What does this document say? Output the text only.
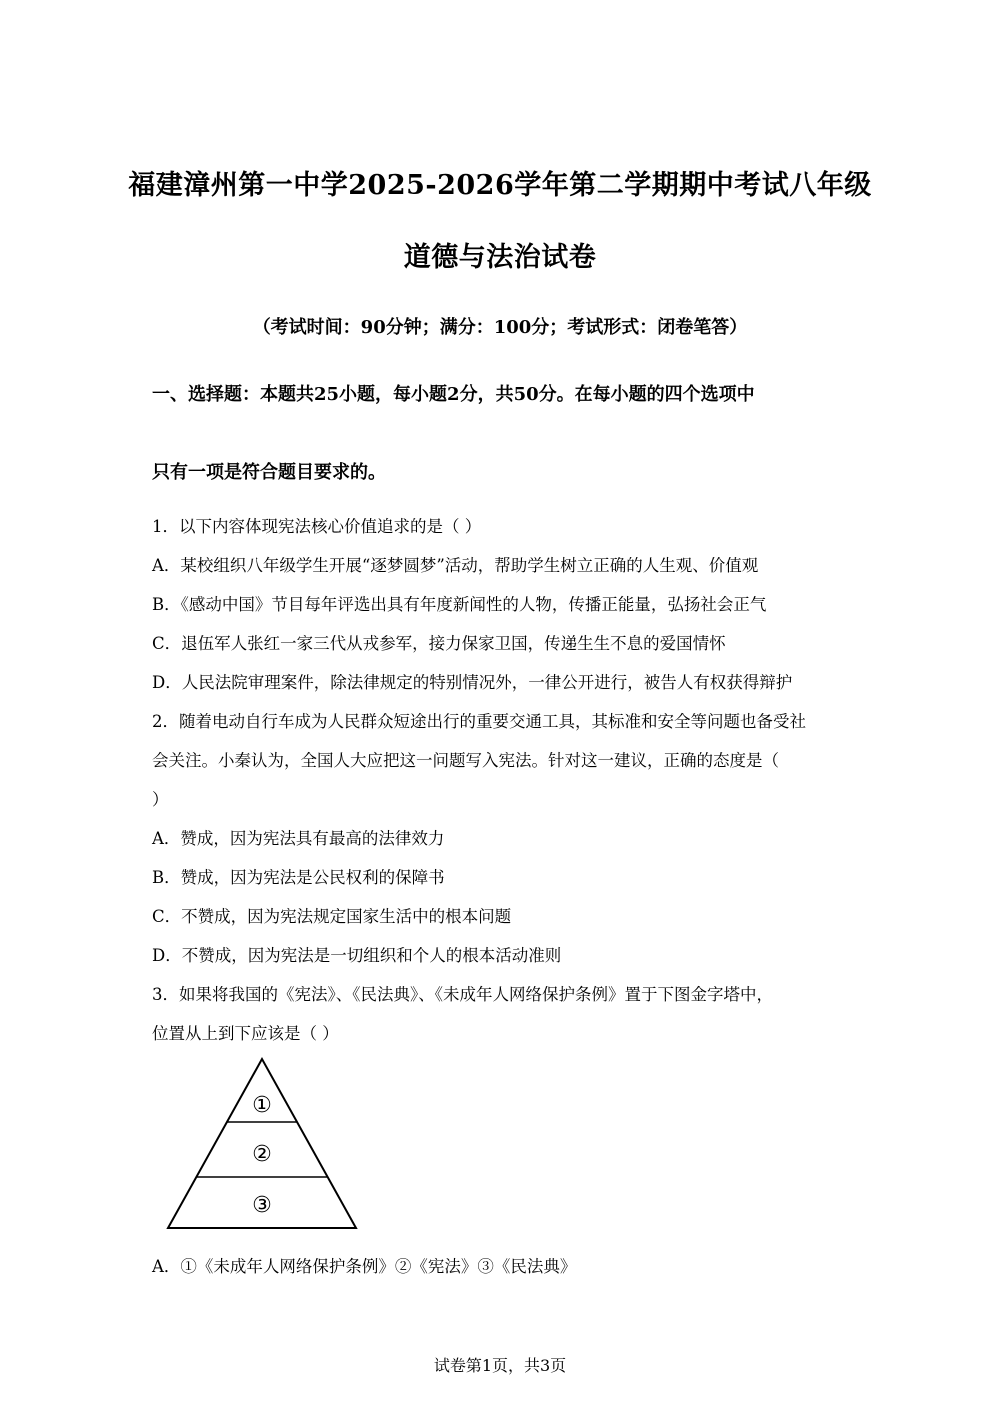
福建漳州第一中学2025-2026学年第二学期期中考试八年级
道德与法治试卷
（考试时间：90分钟；满分：100分；考试形式：闭卷笔答）
一、选择题：本题共25小题，每小题2分，共50分。在每小题的四个选项中
只有一项是符合题目要求的。
1．以下内容体现宪法核心价值追求的是（ ）
A．某校组织八年级学生开展“逐梦圆梦”活动，帮助学生树立正确的人生观、价值观
B．《感动中国》节目每年评选出具有年度新闻性的人物，传播正能量，弘扬社会正气
C．退伍军人张红一家三代从戎参军，接力保家卫国，传递生生不息的爱国情怀
D．人民法院审理案件，除法律规定的特别情况外，一律公开进行，被告人有权获得辩护
2．随着电动自行车成为人民群众短途出行的重要交通工具，其标准和安全等问题也备受社
会关注。小秦认为，全国人大应把这一问题写入宪法。针对这一建议，正确的态度是（
）
A．赞成，因为宪法具有最高的法律效力
B．赞成，因为宪法是公民权利的保障书
C．不赞成，因为宪法规定国家生活中的根本问题
D．不赞成，因为宪法是一切组织和个人的根本活动准则
3．如果将我国的《宪法》、《民法典》、《未成年人网络保护条例》置于下图金字塔中，
位置从上到下应该是（ ）
①
②
③
A．①《未成年人网络保护条例》②《宪法》③《民法典》
试卷第1页，共3页
